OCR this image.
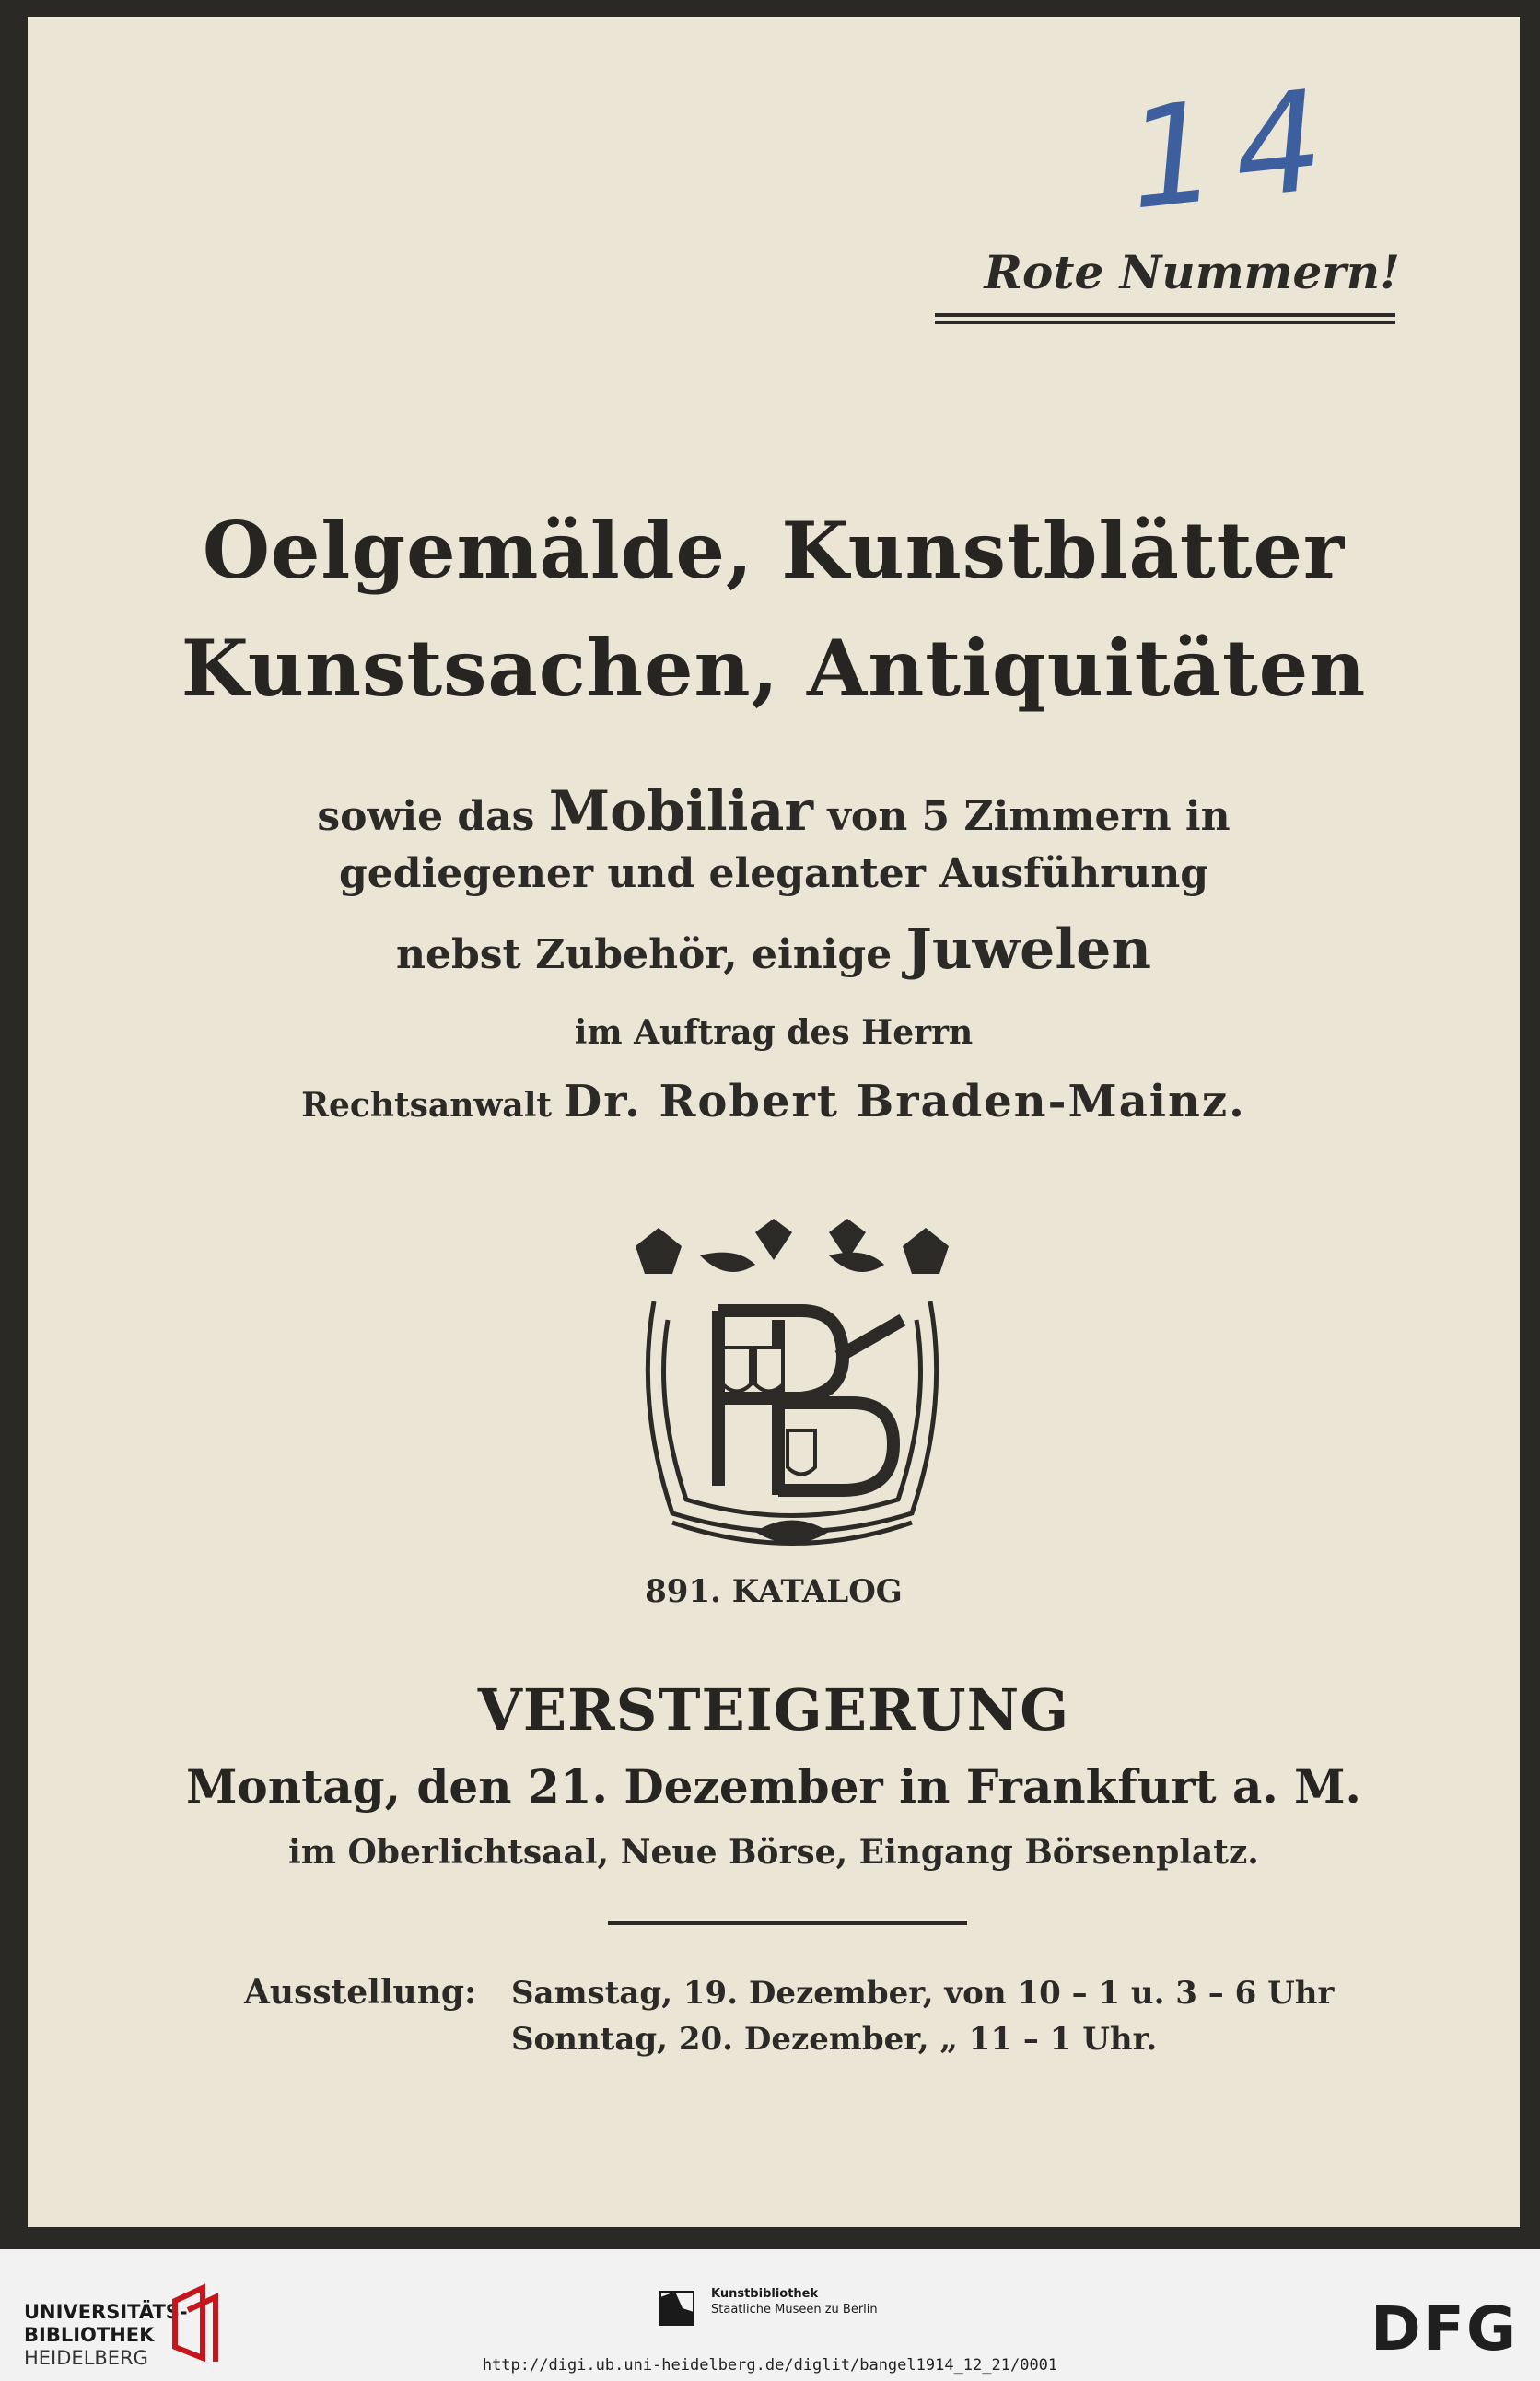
14
Rote Nummern!
Oelgemälde, Kunstblätter
Kunstsachen, Antiquitäten
sowie das Mobiliar von 5 Zimmern in
gediegener und eleganter Ausführung
nebst Zubehör, einige Juwelen
im Auftrag des Herrn
Rechtsanwalt Dr. Robert Braden-Mainz.
891. KATALOG
VERSTEIGERUNG
Montag, den 21. Dezember in Frankfurt a. M.
im Oberlichtsaal, Neue Börse, Eingang Börsenplatz.
Ausstellung: Samstag, 19. Dezember, von 10 – 1 u. 3 – 6 Uhr
Sonntag, 20. Dezember, „ 11 – 1 Uhr.
UNIVERSITÄTS-
BIBLIOTHEK
HEIDELBERG
Kunstbibliothek
Staatliche Museen zu Berlin	DFG
http://digi.ub.uni-heidelberg.de/diglit/bangel1914_12_21/0001
